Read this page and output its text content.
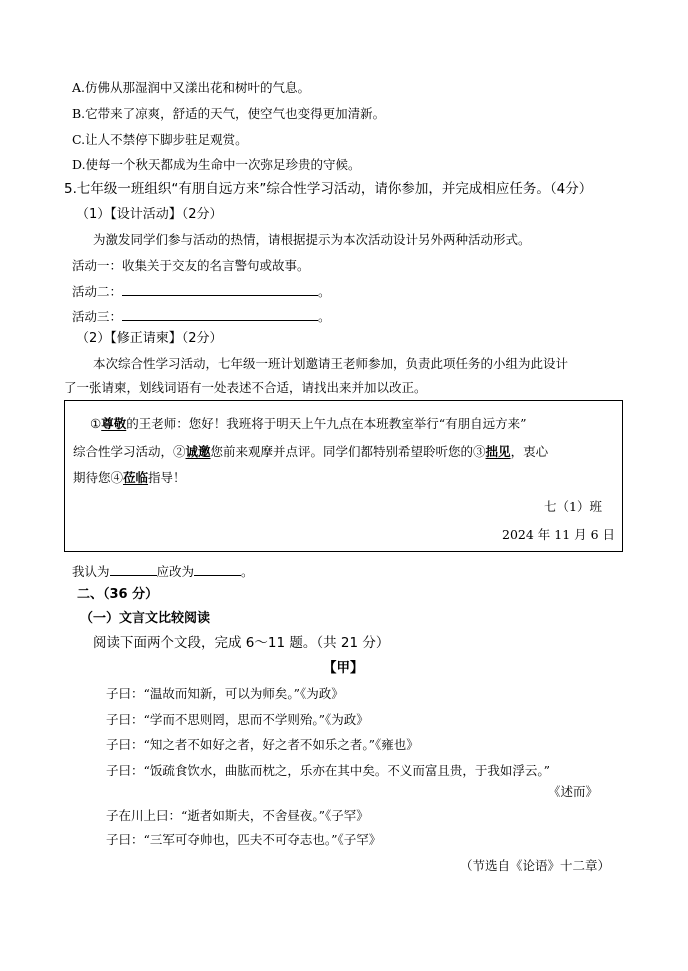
A.仿佛从那湿润中又漾出花和树叶的气息。
B.它带来了凉爽，舒适的天气，使空气也变得更加清新。
C.让人不禁停下脚步驻足观赏。
D.使每一个秋天都成为生命中一次弥足珍贵的守候。
5.七年级一班组织“有朋自远方来”综合性学习活动，请你参加，并完成相应任务。（4分）
（1）【设计活动】（2分）
为激发同学们参与活动的热情，请根据提示为本次活动设计另外两种活动形式。
活动一：收集关于交友的名言警句或故事。
活动二：	。
活动三：	。
（2）【修正请柬】（2分）
本次综合性学习活动，七年级一班计划邀请王老师参加，负责此项任务的小组为此设计
了一张请柬，划线词语有一处表述不合适，请找出来并加以改正。
①尊敬的王老师：您好！我班将于明天上午九点在本班教室举行“有朋自远方来”
综合性学习活动，②诚邀您前来观摩并点评。同学们都特别希望聆听您的③拙见，衷心
期待您④莅临指导！
七（1）班
2024 年 11 月 6 日
我认为	应改为	。
二、（36 分）
（一）文言文比较阅读
阅读下面两个文段，完成 6～11 题。（共 21 分）
【甲】
子曰：“温故而知新，可以为师矣。”《为政》
子曰：“学而不思则罔，思而不学则殆。”《为政》
子曰：“知之者不如好之者，好之者不如乐之者。”《雍也》
子曰：“饭疏食饮水，曲肱而枕之，乐亦在其中矣。不义而富且贵，于我如浮云。”
《述而》
子在川上曰：“逝者如斯夫，不舍昼夜。”《子罕》
子曰：“三军可夺帅也，匹夫不可夺志也。”《子罕》
（节选自《论语》十二章）
